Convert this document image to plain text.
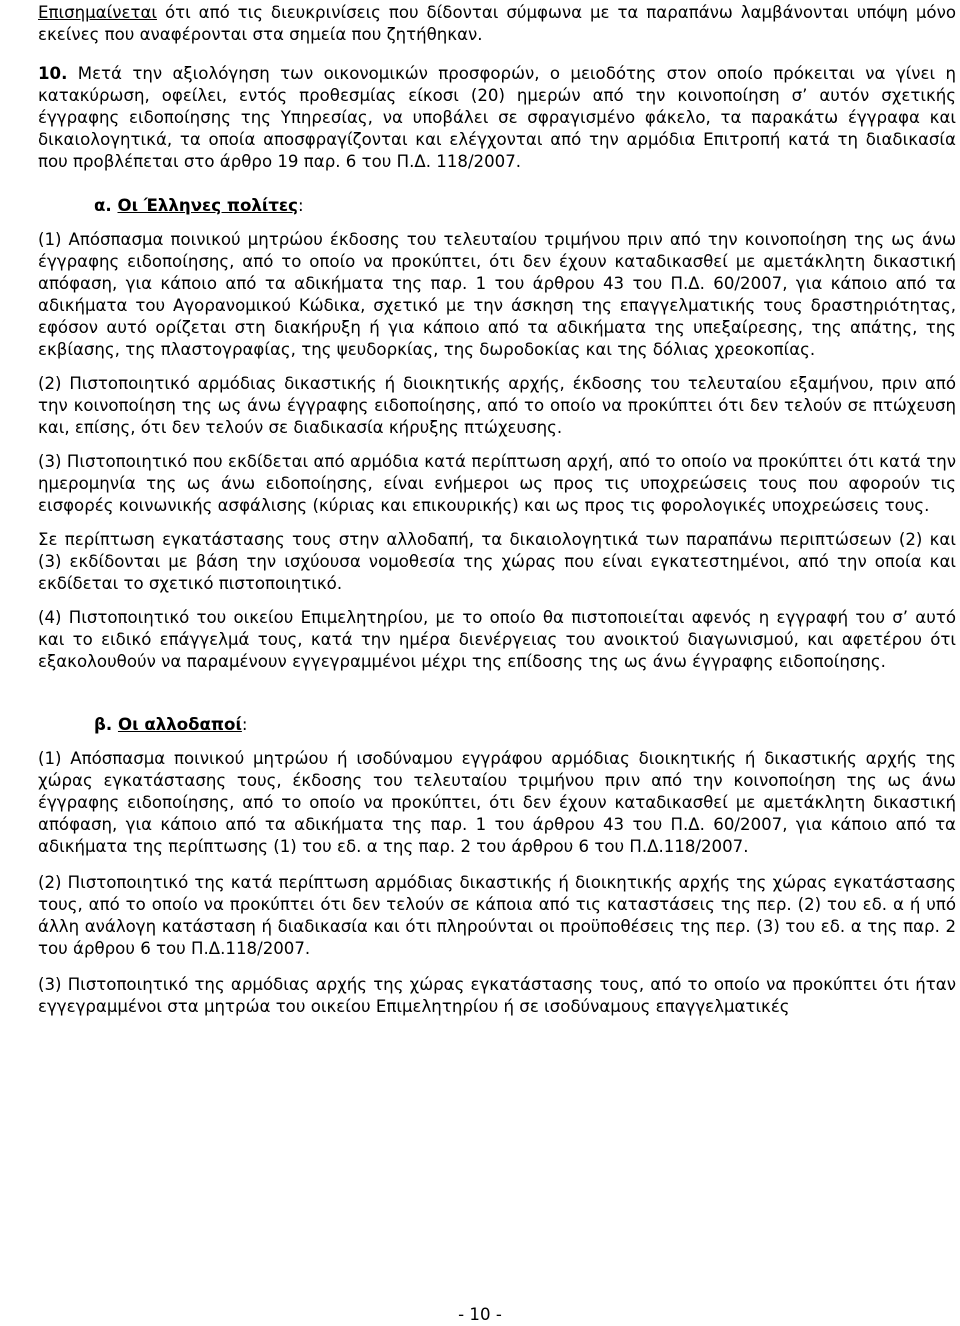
Επισημαίνεται ότι από τις διευκρινίσεις που δίδονται σύμφωνα με τα παραπάνω λαμβάνονται υπόψη μόνο εκείνες που αναφέρονται στα σημεία που ζητήθηκαν.
10. Μετά την αξιολόγηση των οικονομικών προσφορών, ο μειοδότης στον οποίο πρόκειται να γίνει η κατακύρωση, οφείλει, εντός προθεσμίας είκοσι (20) ημερών από την κοινοποίηση σ’ αυτόν σχετικής έγγραφης ειδοποίησης της Υπηρεσίας, να υποβάλει σε σφραγισμένο φάκελο, τα παρακάτω έγγραφα και δικαιολογητικά, τα οποία αποσφραγίζονται και ελέγχονται από την αρμόδια Επιτροπή κατά τη διαδικασία που προβλέπεται στο άρθρο 19 παρ. 6 του Π.Δ. 118/2007.
α. Οι Έλληνες πολίτες:
(1) Απόσπασμα ποινικού μητρώου έκδοσης του τελευταίου τριμήνου πριν από την κοινοποίηση της ως άνω έγγραφης ειδοποίησης, από το οποίο να προκύπτει, ότι δεν έχουν καταδικασθεί με αμετάκλητη δικαστική απόφαση, για κάποιο από τα αδικήματα της παρ. 1 του άρθρου 43 του Π.Δ. 60/2007, για κάποιο από τα αδικήματα του Αγορανομικού Κώδικα, σχετικό με την άσκηση της επαγγελματικής τους δραστηριότητας, εφόσον αυτό ορίζεται στη διακήρυξη ή για κάποιο από τα αδικήματα της υπεξαίρεσης, της απάτης, της εκβίασης, της πλαστογραφίας, της ψευδορκίας, της δωροδοκίας και της δόλιας χρεοκοπίας.
(2) Πιστοποιητικό αρμόδιας δικαστικής ή διοικητικής αρχής, έκδοσης του τελευταίου εξαμήνου, πριν από την κοινοποίηση της ως άνω έγγραφης ειδοποίησης, από το οποίο να προκύπτει ότι δεν τελούν σε πτώχευση και, επίσης, ότι δεν τελούν σε διαδικασία κήρυξης πτώχευσης.
(3) Πιστοποιητικό που εκδίδεται από αρμόδια κατά περίπτωση αρχή, από το οποίο να προκύπτει ότι κατά την ημερομηνία της ως άνω ειδοποίησης, είναι ενήμεροι ως προς τις υποχρεώσεις τους που αφορούν τις εισφορές κοινωνικής ασφάλισης (κύριας και επικουρικής) και ως προς τις φορολογικές υποχρεώσεις τους.
Σε περίπτωση εγκατάστασης τους στην αλλοδαπή, τα δικαιολογητικά των παραπάνω περιπτώσεων (2) και (3) εκδίδονται με βάση την ισχύουσα νομοθεσία της χώρας που είναι εγκατεστημένοι, από την οποία και εκδίδεται το σχετικό πιστοποιητικό.
(4) Πιστοποιητικό του οικείου Επιμελητηρίου, με το οποίο θα πιστοποιείται αφενός η εγγραφή του σ’ αυτό και το ειδικό επάγγελμά τους, κατά την ημέρα διενέργειας του ανοικτού διαγωνισμού, και αφετέρου ότι εξακολουθούν να παραμένουν εγγεγραμμένοι μέχρι της επίδοσης της ως άνω έγγραφης ειδοποίησης.
β. Οι αλλοδαποί:
(1) Απόσπασμα ποινικού μητρώου ή ισοδύναμου εγγράφου αρμόδιας διοικητικής ή δικαστικής αρχής της χώρας εγκατάστασης τους, έκδοσης του τελευταίου τριμήνου πριν από την κοινοποίηση της ως άνω έγγραφης ειδοποίησης, από το οποίο να προκύπτει, ότι δεν έχουν καταδικασθεί με αμετάκλητη δικαστική απόφαση, για κάποιο από τα αδικήματα της παρ. 1 του άρθρου 43 του Π.Δ. 60/2007, για κάποιο από τα αδικήματα της περίπτωσης (1) του εδ. α της παρ. 2 του άρθρου 6 του Π.Δ.118/2007.
(2) Πιστοποιητικό της κατά περίπτωση αρμόδιας δικαστικής ή διοικητικής αρχής της χώρας εγκατάστασης τους, από το οποίο να προκύπτει ότι δεν τελούν σε κάποια από τις καταστάσεις της περ. (2) του εδ. α ή υπό άλλη ανάλογη κατάσταση ή διαδικασία και ότι πληρούνται οι προϋποθέσεις της περ. (3) του εδ. α της παρ. 2 του άρθρου 6 του Π.Δ.118/2007.
(3) Πιστοποιητικό της αρμόδιας αρχής της χώρας εγκατάστασης τους, από το οποίο να προκύπτει ότι ήταν εγγεγραμμένοι στα μητρώα του οικείου Επιμελητηρίου ή σε ισοδύναμους επαγγελματικές
- 10 -
